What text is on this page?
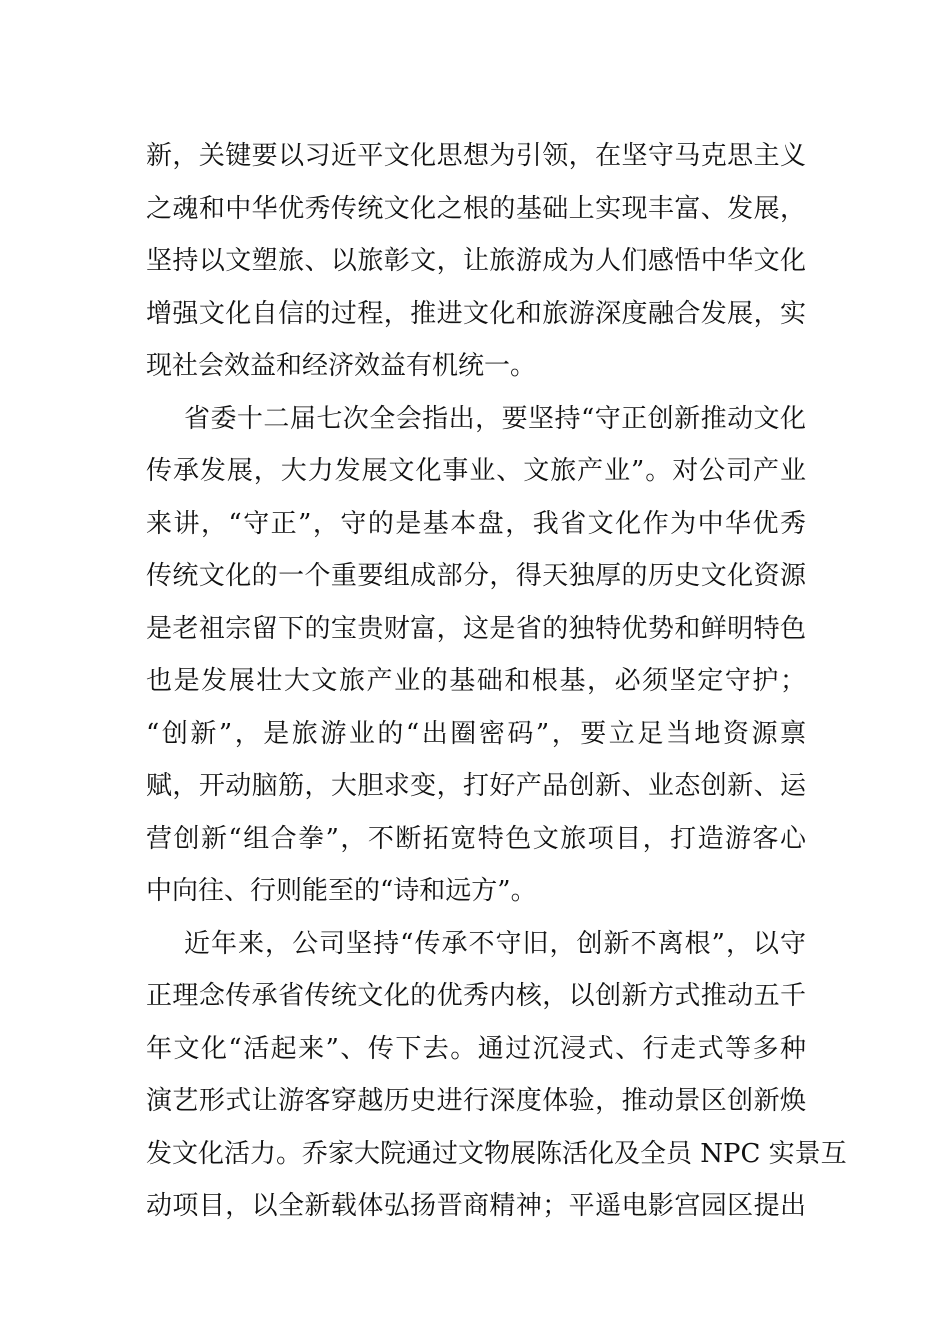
新，关键要以习近平文化思想为引领，在坚守马克思主义
之魂和中华优秀传统文化之根的基础上实现丰富、发展，
坚持以文塑旅、以旅彰文，让旅游成为人们感悟中华文化
增强文化自信的过程，推进文化和旅游深度融合发展，实
现社会效益和经济效益有机统一。
省委十二届七次全会指出，要坚持“守正创新推动文化
传承发展，大力发展文化事业、文旅产业”。对公司产业
来讲，“守正”，守的是基本盘，我省文化作为中华优秀
传统文化的一个重要组成部分，得天独厚的历史文化资源
是老祖宗留下的宝贵财富，这是省的独特优势和鲜明特色
也是发展壮大文旅产业的基础和根基，必须坚定守护；
“创新”，是旅游业的“出圈密码”，要立足当地资源禀
赋，开动脑筋，大胆求变，打好产品创新、业态创新、运
营创新“组合拳”，不断拓宽特色文旅项目，打造游客心
中向往、行则能至的“诗和远方”。
近年来，公司坚持“传承不守旧，创新不离根”，以守
正理念传承省传统文化的优秀内核，以创新方式推动五千
年文化“活起来”、传下去。通过沉浸式、行走式等多种
演艺形式让游客穿越历史进行深度体验，推动景区创新焕
发文化活力。乔家大院通过文物展陈活化及全员 NPC 实景互
动项目，以全新载体弘扬晋商精神；平遥电影宫园区提出
